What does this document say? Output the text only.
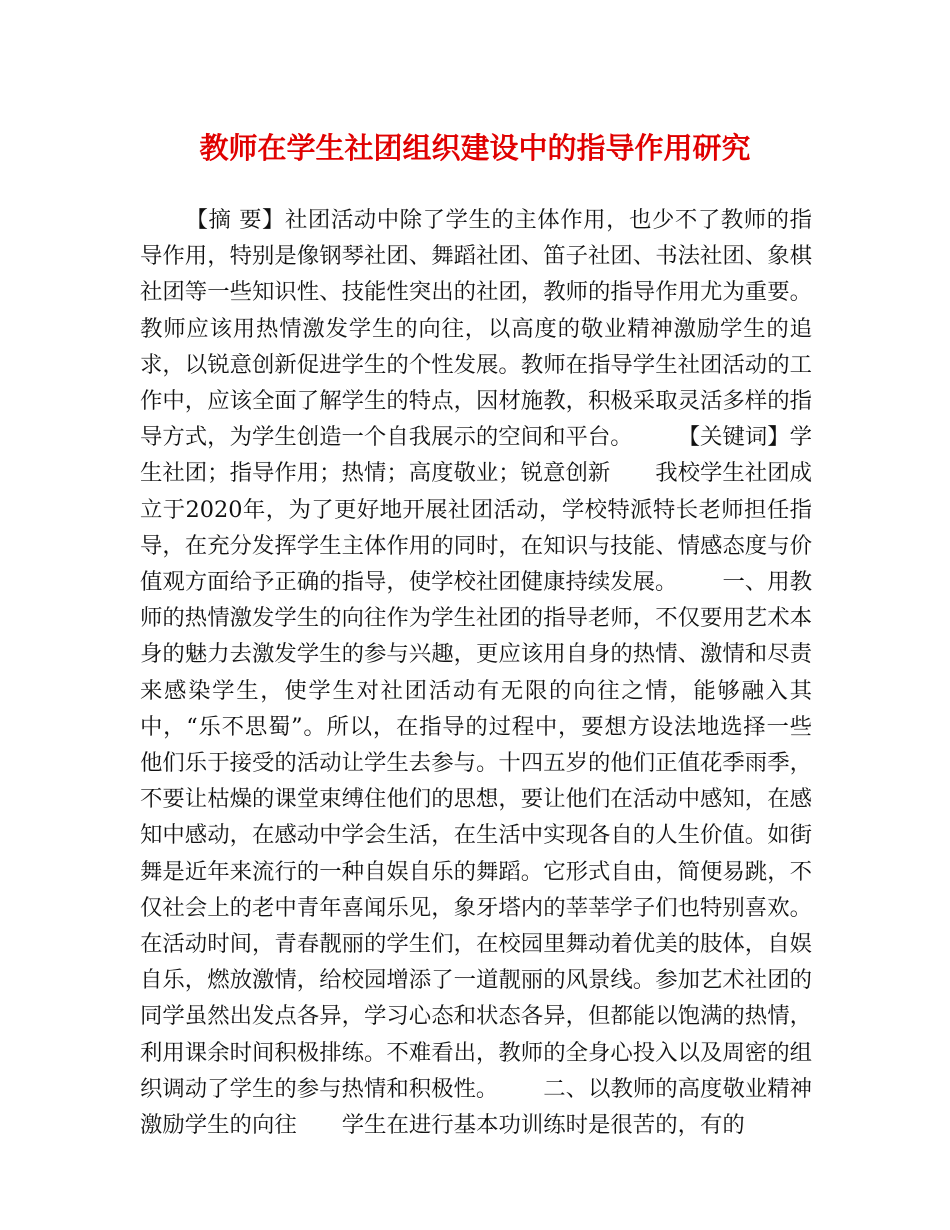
教师在学生社团组织建设中的指导作用研究

【摘 要】社团活动中除了学生的主体作用，也少不了教师的指导作用，特别是像钢琴社团、舞蹈社团、笛子社团、书法社团、象棋社团等一些知识性、技能性突出的社团，教师的指导作用尤为重要。教师应该用热情激发学生的向往，以高度的敬业精神激励学生的追求，以锐意创新促进学生的个性发展。教师在指导学生社团活动的工作中，应该全面了解学生的特点，因材施教，积极采取灵活多样的指导方式，为学生创造一个自我展示的空间和平台。 【关键词】学生社团；指导作用；热情；高度敬业；锐意创新 我校学生社团成立于2020年，为了更好地开展社团活动，学校特派特长老师担任指导，在充分发挥学生主体作用的同时，在知识与技能、情感态度与价值观方面给予正确的指导，使学校社团健康持续发展。 一、用教师的热情激发学生的向往作为学生社团的指导老师，不仅要用艺术本身的魅力去激发学生的参与兴趣，更应该用自身的热情、激情和尽责来感染学生，使学生对社团活动有无限的向往之情，能够融入其中，“乐不思蜀”。所以，在指导的过程中，要想方设法地选择一些他们乐于接受的活动让学生去参与。十四五岁的他们正值花季雨季，不要让枯燥的课堂束缚住他们的思想，要让他们在活动中感知，在感知中感动，在感动中学会生活，在生活中实现各自的人生价值。如街舞是近年来流行的一种自娱自乐的舞蹈。它形式自由，简便易跳，不仅社会上的老中青年喜闻乐见，象牙塔内的莘莘学子们也特别喜欢。在活动时间，青春靓丽的学生们，在校园里舞动着优美的肢体，自娱自乐，燃放激情，给校园增添了一道靓丽的风景线。参加艺术社团的同学虽然出发点各异，学习心态和状态各异，但都能以饱满的热情，利用课余时间积极排练。不难看出，教师的全身心投入以及周密的组织调动了学生的参与热情和积极性。 二、以教师的高度敬业精神激励学生的向往 学生在进行基本功训练时是很苦的，有的
